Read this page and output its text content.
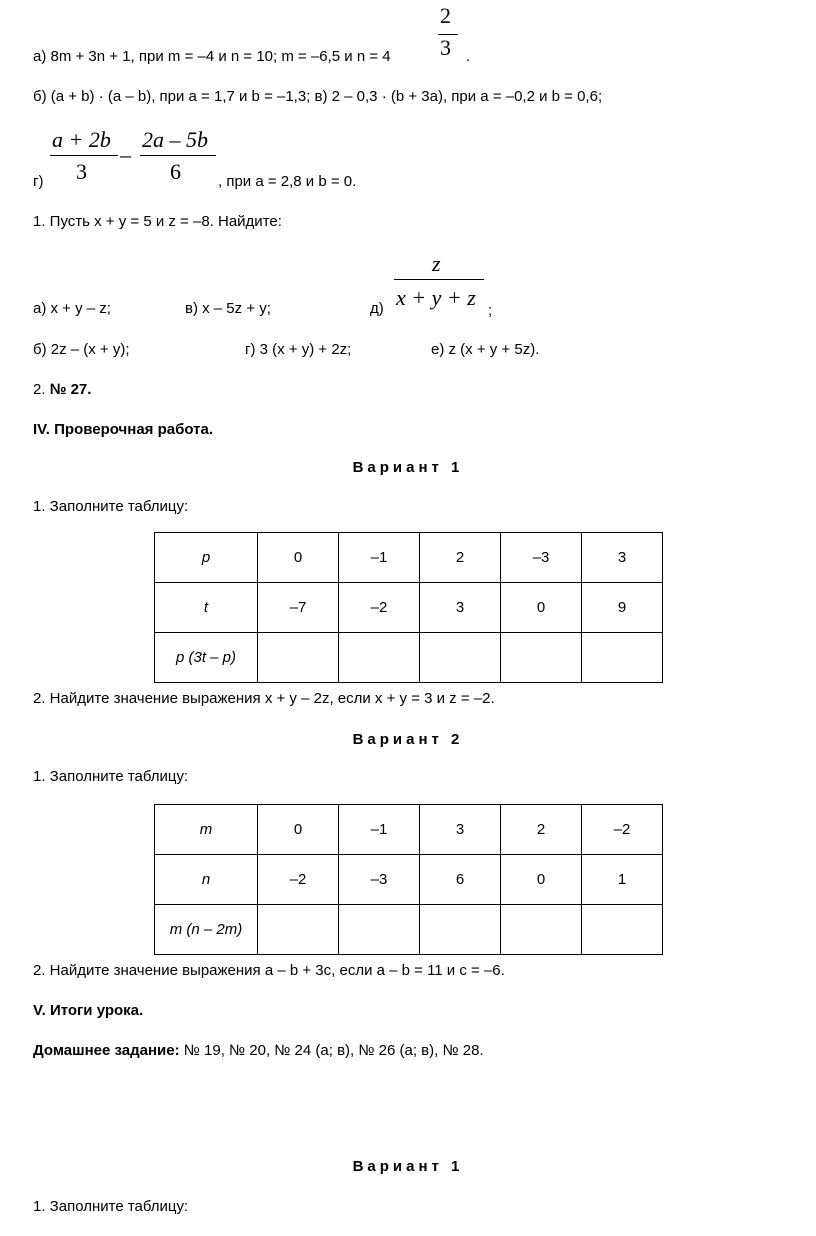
а) 8m + 3n + 1, при m = –4 и n = 10; m = –6,5 и n = 4
2
3 .
б) (a + b) · (a – b), при a = 1,7 и b = –1,3; в) 2 – 0,3 · (b + 3a), при a = –0,2 и b = 0,6;
a + 2b
3
–
2a – 5b
6
г)	, при a = 2,8 и b = 0.
1. Пусть x + y = 5 и z = –8. Найдите:
а) x + y – z;	в) x – 5z + y;	д)
z
x + y + z
;
б) 2z – (x + y);	г) 3 (x + y) + 2z;	е) z (x + y + 5z).
2. № 27.
IV. Проверочная работа.
Вариант 1
1. Заполните таблицу:
p	0	–1	2	–3	3
t	–7	–2	3	0	9
p (3t – p)					
2. Найдите значение выражения x + y – 2z, если x + y = 3 и z = –2.
Вариант 2
1. Заполните таблицу:
m	0	–1	3	2	–2
n	–2	–3	6	0	1
m (n – 2m)					
2. Найдите значение выражения a – b + 3c, если a – b = 11 и c = –6.
V. Итоги урока.
Домашнее задание: № 19, № 20, № 24 (а; в), № 26 (а; в), № 28.
Вариант 1
1. Заполните таблицу:
